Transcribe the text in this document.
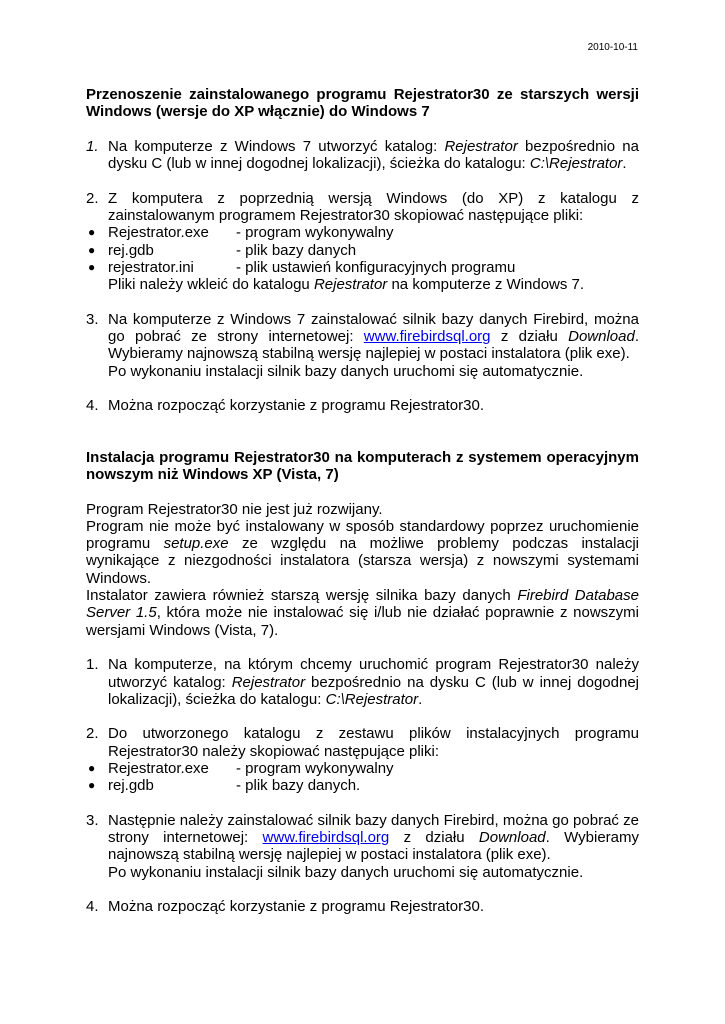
2010-10-11
Przenoszenie zainstalowanego programu Rejestrator30 ze starszych wersji Windows (wersje do XP włącznie) do Windows 7
1. Na komputerze z Windows 7 utworzyć katalog: Rejestrator bezpośrednio na dysku C (lub w innej dogodnej lokalizacji), ścieżka do katalogu: C:\Rejestrator.
2. Z komputera z poprzednią wersją Windows (do XP) z katalogu z zainstalowanym programem Rejestrator30 skopiować następujące pliki:
● Rejestrator.exe - program wykonywalny
● rej.gdb	- plik bazy danych
● rejestrator.ini	- plik ustawień konfiguracyjnych programu
Pliki należy wkleić do katalogu Rejestrator na komputerze z Windows 7.
3. Na komputerze z Windows 7 zainstalować silnik bazy danych Firebird, można go pobrać ze strony internetowej: www.firebirdsql.org z działu Download. Wybieramy najnowszą stabilną wersję najlepiej w postaci instalatora (plik exe).
Po wykonaniu instalacji silnik bazy danych uruchomi się automatycznie.
4. Można rozpocząć korzystanie z programu Rejestrator30.
Instalacja programu Rejestrator30 na komputerach z systemem operacyjnym nowszym niż Windows XP (Vista, 7)
Program Rejestrator30 nie jest już rozwijany.
Program nie może być instalowany w sposób standardowy poprzez uruchomienie programu setup.exe ze względu na możliwe problemy podczas instalacji wynikające z niezgodności instalatora (starsza wersja) z nowszymi systemami Windows.
Instalator zawiera również starszą wersję silnika bazy danych Firebird Database Server 1.5, która może nie instalować się i/lub nie działać poprawnie z nowszymi wersjami Windows (Vista, 7).
1. Na komputerze, na którym chcemy uruchomić program Rejestrator30 należy utworzyć katalog: Rejestrator bezpośrednio na dysku C (lub w innej dogodnej lokalizacji), ścieżka do katalogu: C:\Rejestrator.
2. Do utworzonego katalogu z zestawu plików instalacyjnych programu Rejestrator30 należy skopiować następujące pliki:
● Rejestrator.exe - program wykonywalny
● rej.gdb	- plik bazy danych.
3. Następnie należy zainstalować silnik bazy danych Firebird, można go pobrać ze strony internetowej: www.firebirdsql.org z działu Download. Wybieramy najnowszą stabilną wersję najlepiej w postaci instalatora (plik exe).
Po wykonaniu instalacji silnik bazy danych uruchomi się automatycznie.
4. Można rozpocząć korzystanie z programu Rejestrator30.
